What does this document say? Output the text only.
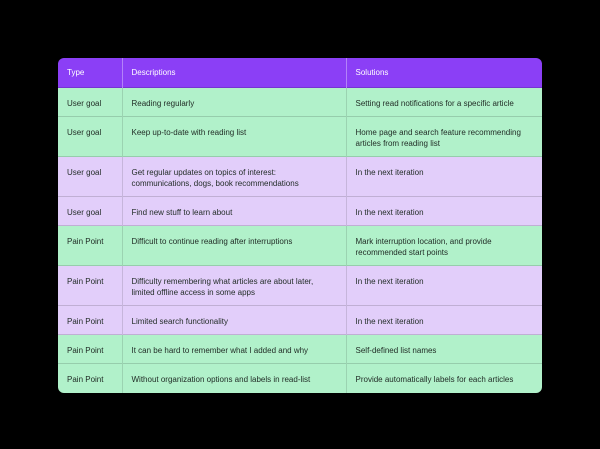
Type	Descriptions	Solutions
User goal	Reading regularly	Setting read notifications for a specific article
User goal	Keep up-to-date with reading list	Home page and search feature recommending articles from reading list
User goal	Get regular updates on topics of interest: communications, dogs, book recommendations	In the next iteration
User goal	Find new stuff to learn about	In the next iteration
Pain Point	Difficult to continue reading after interruptions	Mark interruption location, and provide recommended start points
Pain Point	Difficulty remembering what articles are about later, limited offline access in some apps	In the next iteration
Pain Point	Limited search functionality	In the next iteration
Pain Point	It can be hard to remember what I added and why	Self-defined list names
Pain Point	Without organization options and labels in read-list	Provide automatically labels for each articles
